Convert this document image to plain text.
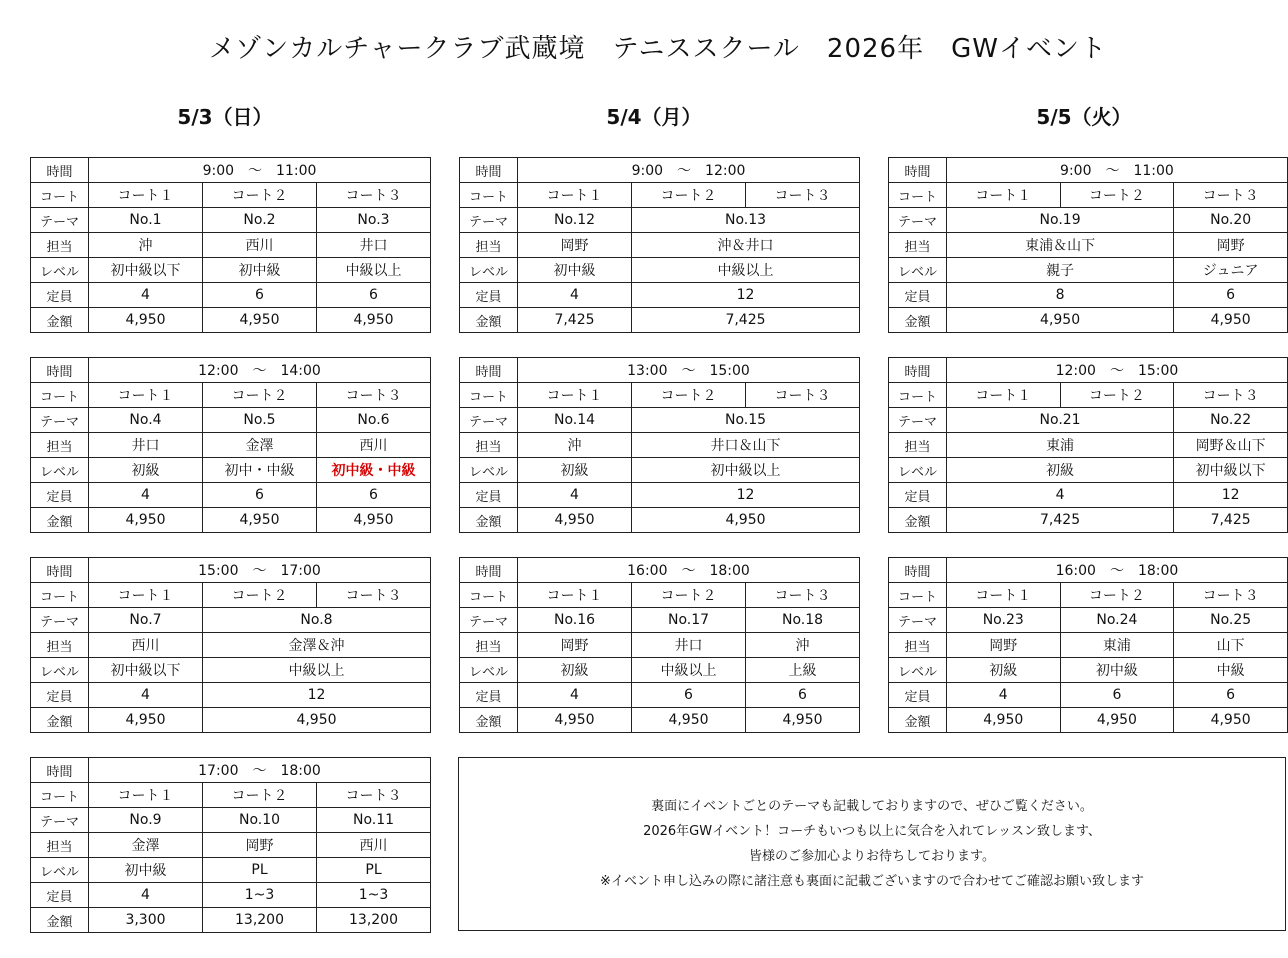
メゾンカルチャークラブ武蔵境　テニススクール　2026年　GWイベント
5/3（日）	5/4（月）	5/5（火）
時間	9:00　～　11:00		
コート	コート１	コート２	コート３
テーマ	No.1	No.2	No.3
担当	沖	西川	井口
レベル	初中級以下	初中級	中級以上
定員	4	6	6
金額	4,950	4,950	4,950
時間	12:00　～　14:00		
コート	コート１	コート２	コート３
テーマ	No.4	No.5	No.6
担当	井口	金澤	西川
レベル	初級	初中・中級	初中級・中級
定員	4	6	6
金額	4,950	4,950	4,950
時間	15:00　～　17:00		
コート	コート１	コート２	コート３
テーマ	No.7	No.8	
担当	西川	金澤＆沖	
レベル	初中級以下	中級以上	
定員	4	12	
金額	4,950	4,950	
時間	17:00　～　18:00		
コート	コート１	コート２	コート３
テーマ	No.9	No.10	No.11
担当	金澤	岡野	西川
レベル	初中級	PL	PL
定員	4	1~3	1~3
金額	3,300	13,200	13,200
時間	9:00　～　12:00		
コート	コート１	コート２	コート３
テーマ	No.12	No.13	
担当	岡野	沖＆井口	
レベル	初中級	中級以上	
定員	4	12	
金額	7,425	7,425	
時間	13:00　～　15:00		
コート	コート１	コート２	コート３
テーマ	No.14	No.15	
担当	沖	井口＆山下	
レベル	初級	初中級以上	
定員	4	12	
金額	4,950	4,950	
時間	16:00　～　18:00		
コート	コート１	コート２	コート３
テーマ	No.16	No.17	No.18
担当	岡野	井口	沖
レベル	初級	中級以上	上級
定員	4	6	6
金額	4,950	4,950	4,950
時間	9:00　～　11:00		
コート	コート１	コート２	コート３
テーマ	No.19		No.20
担当	東浦＆山下		岡野
レベル	親子		ジュニア
定員	8		6
金額	4,950		4,950
時間	12:00　～　15:00		
コート	コート１	コート２	コート３
テーマ	No.21		No.22
担当	東浦		岡野＆山下
レベル	初級		初中級以下
定員	4		12
金額	7,425		7,425
時間	16:00　～　18:00		
コート	コート１	コート２	コート３
テーマ	No.23	No.24	No.25
担当	岡野	東浦	山下
レベル	初級	初中級	中級
定員	4	6	6
金額	4,950	4,950	4,950
裏面にイベントごとのテーマも記載しておりますので、ぜひご覧ください。
2026年GWイベント！コーチもいつも以上に気合を入れてレッスン致します、
皆様のご参加心よりお待ちしております。
※イベント申し込みの際に諸注意も裏面に記載ございますので合わせてご確認お願い致します
